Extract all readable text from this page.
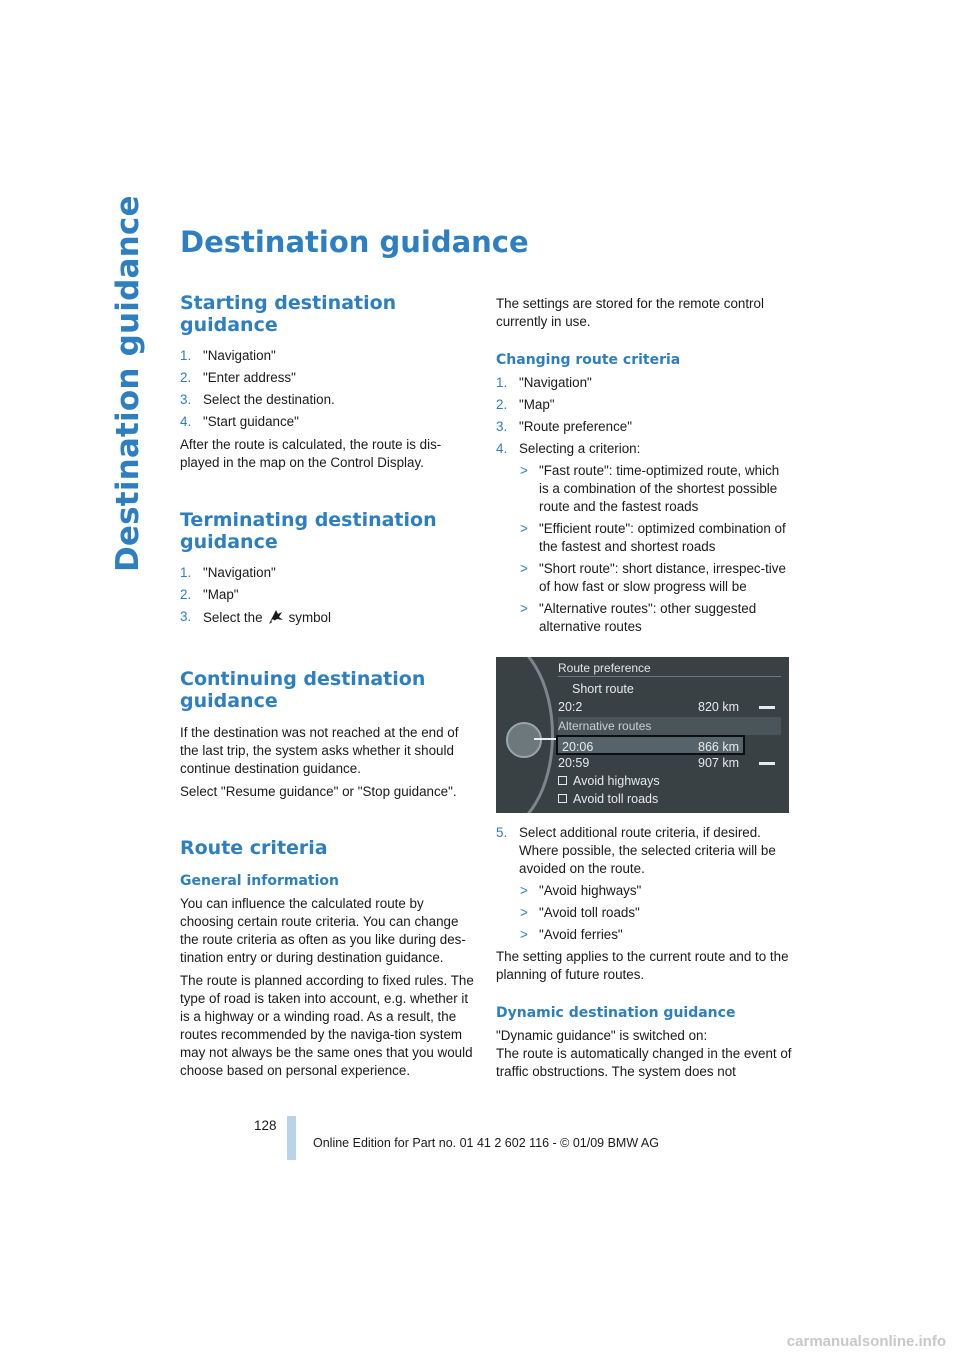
Destination guidance	Destination guidance
Starting destination guidance
1. "Navigation"
2. "Enter address"
3. Select the destination.
4. "Start guidance"

After the route is calculated, the route is dis-played in the map on the Control Display.

Terminating destination guidance
1. "Navigation"
2. "Map"
3. Select the symbol
Continuing destination guidance

If the destination was not reached at the end of the last trip, the system asks whether it should continue destination guidance.

Select "Resume guidance" or "Stop guidance".

Route criteria
General information

You can influence the calculated route by choosing certain route criteria. You can change the route criteria as often as you like during des-tination entry or during destination guidance.

The route is planned according to fixed rules. The type of road is taken into account, e.g. whether it is a highway or a winding road. As a result, the routes recommended by the naviga-tion system may not always be the same ones that you would choose based on personal experience.

The settings are stored for the remote control currently in use.

Changing route criteria
1. "Navigation"
2. "Map"
3. "Route preference"
4. Selecting a criterion:
> "Fast route": time-optimized route, which is a combination of the shortest possible route and the fastest roads
> "Efficient route": optimized combination of the fastest and shortest roads
> "Short route": short distance, irrespec-tive of how fast or slow progress will be
> "Alternative routes": other suggested alternative routes
Route preference
Short route
20:2	820 km
Alternative routes
20:06	866 km
20:59	907 km
Avoid highways
Avoid toll roads
5. Select additional route criteria, if desired. Where possible, the selected criteria will be avoided on the route.
> "Avoid highways"
> "Avoid toll roads"
> "Avoid ferries"

The setting applies to the current route and to the planning of future routes.

Dynamic destination guidance

"Dynamic guidance" is switched on:

The route is automatically changed in the event of traffic obstructions. The system does not

128
Online Edition for Part no. 01 41 2 602 116 - © 01/09 BMW AG
carmanualsonline.info
